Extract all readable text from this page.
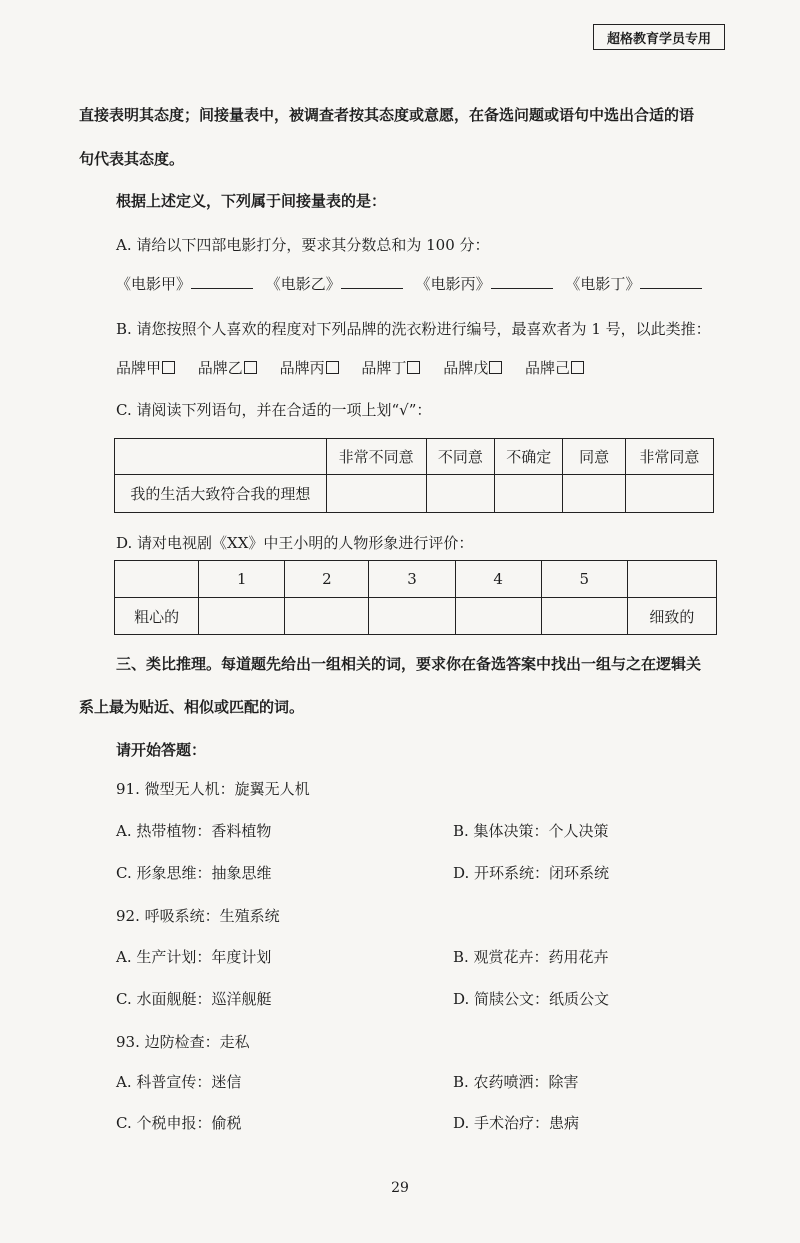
超格教育学员专用
直接表明其态度；间接量表中，被调查者按其态度或意愿，在备选问题或语句中选出合适的语
句代表其态度。
根据上述定义，下列属于间接量表的是：
A. 请给以下四部电影打分，要求其分数总和为 100 分：
《电影甲》	《电影乙》	《电影丙》	《电影丁》
B. 请您按照个人喜欢的程度对下列品牌的洗衣粉进行编号，最喜欢者为 1 号，以此类推：
品牌甲 品牌乙 品牌丙 品牌丁 品牌戊 品牌己
C. 请阅读下列语句，并在合适的一项上划“√”：
	非常不同意	不同意	不确定	同意	非常同意
我的生活大致符合我的理想					
D. 请对电视剧《XX》中王小明的人物形象进行评价：
	1	2	3	4	5	
粗心的						细致的
三、类比推理。每道题先给出一组相关的词，要求你在备选答案中找出一组与之在逻辑关
系上最为贴近、相似或匹配的词。
请开始答题：
91. 微型无人机：旋翼无人机
A. 热带植物：香料植物	B. 集体决策：个人决策
C. 形象思维：抽象思维	D. 开环系统：闭环系统
92. 呼吸系统：生殖系统
A. 生产计划：年度计划	B. 观赏花卉：药用花卉
C. 水面舰艇：巡洋舰艇	D. 简牍公文：纸质公文
93. 边防检查：走私
A. 科普宣传：迷信	B. 农药喷洒：除害
C. 个税申报：偷税	D. 手术治疗：患病
29
